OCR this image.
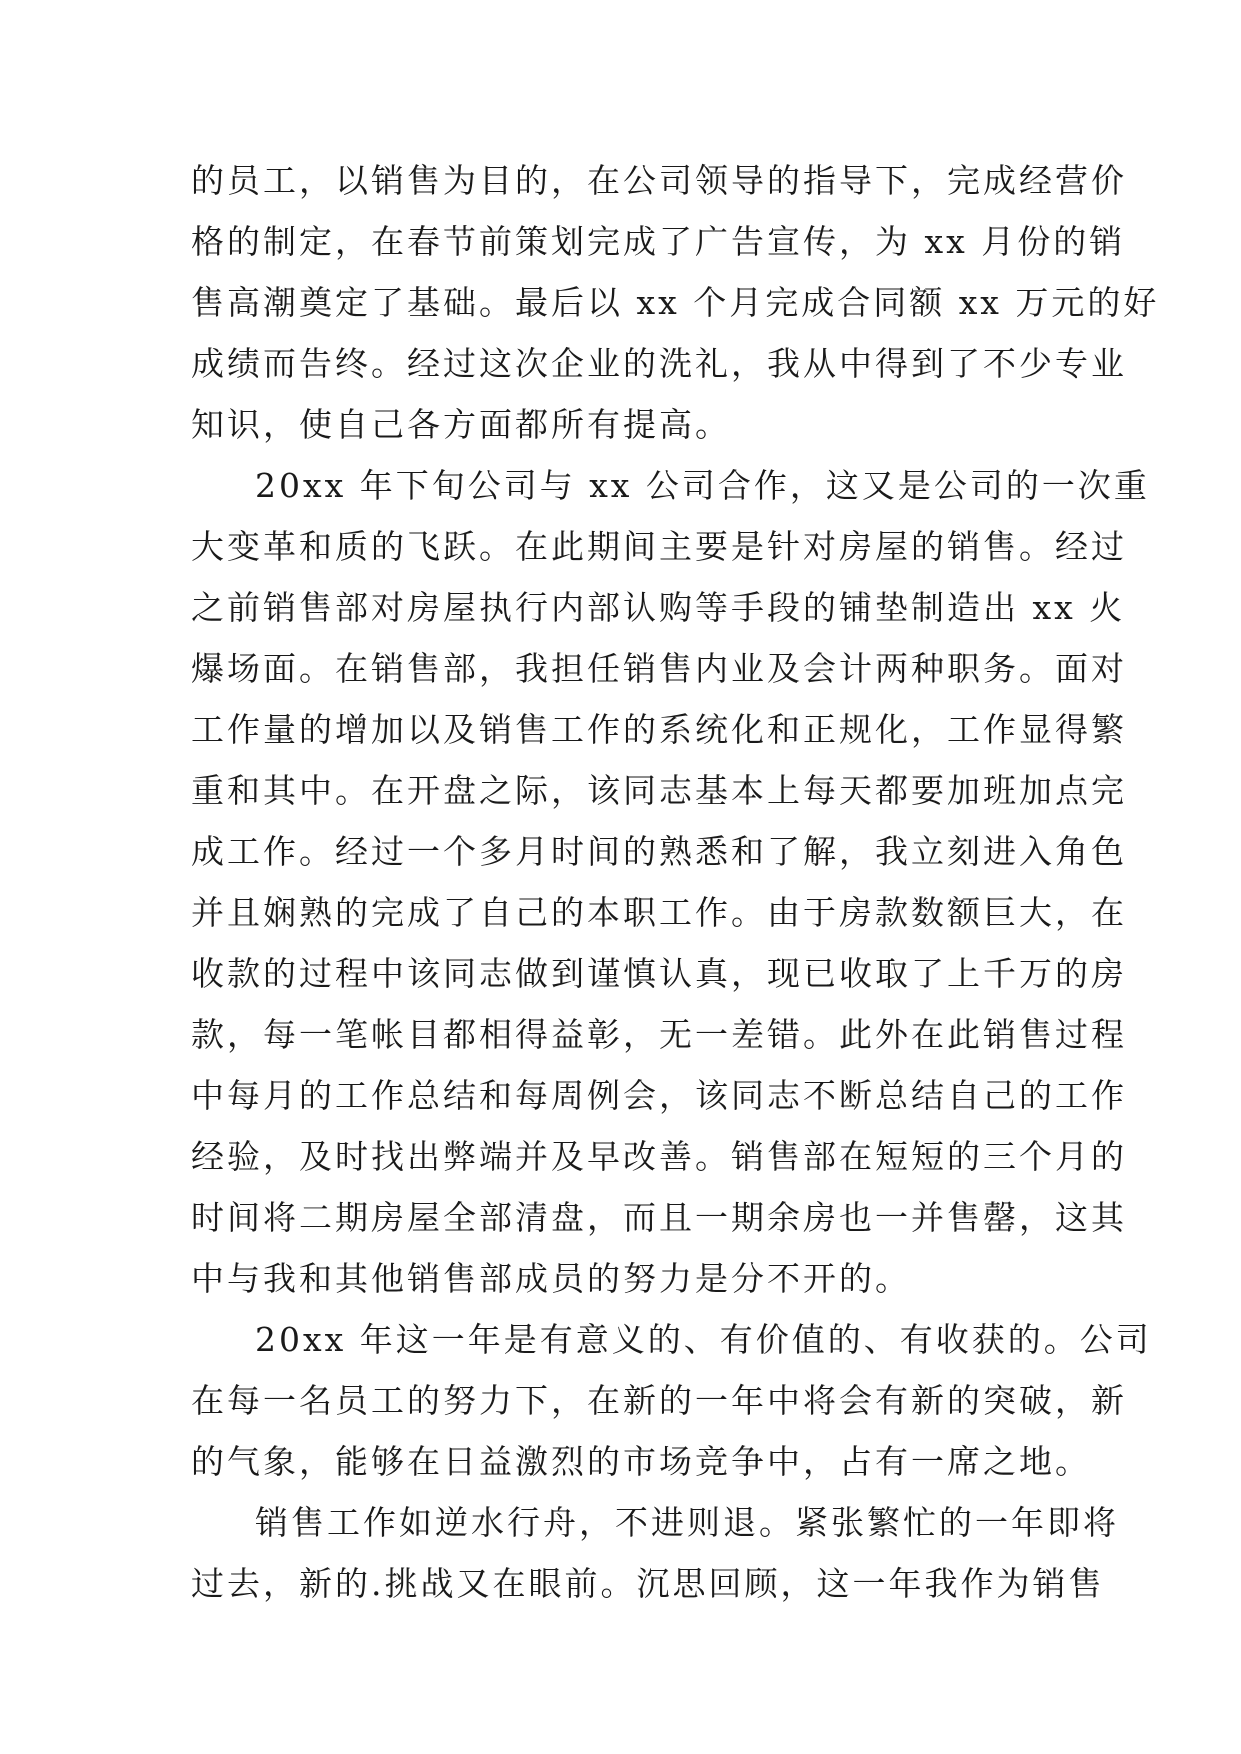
的员工，以销售为目的，在公司领导的指导下，完成经营价
格的制定，在春节前策划完成了广告宣传，为 xx 月份的销
售高潮奠定了基础。最后以 xx 个月完成合同额 xx 万元的好
成绩而告终。经过这次企业的洗礼，我从中得到了不少专业
知识，使自己各方面都所有提高。
20xx 年下旬公司与 xx 公司合作，这又是公司的一次重
大变革和质的飞跃。在此期间主要是针对房屋的销售。经过
之前销售部对房屋执行内部认购等手段的铺垫制造出 xx 火
爆场面。在销售部，我担任销售内业及会计两种职务。面对
工作量的增加以及销售工作的系统化和正规化，工作显得繁
重和其中。在开盘之际，该同志基本上每天都要加班加点完
成工作。经过一个多月时间的熟悉和了解，我立刻进入角色
并且娴熟的完成了自己的本职工作。由于房款数额巨大，在
收款的过程中该同志做到谨慎认真，现已收取了上千万的房
款，每一笔帐目都相得益彰，无一差错。此外在此销售过程
中每月的工作总结和每周例会，该同志不断总结自己的工作
经验，及时找出弊端并及早改善。销售部在短短的三个月的
时间将二期房屋全部清盘，而且一期余房也一并售罄，这其
中与我和其他销售部成员的努力是分不开的。
20xx 年这一年是有意义的、有价值的、有收获的。公司
在每一名员工的努力下，在新的一年中将会有新的突破，新
的气象，能够在日益激烈的市场竞争中，占有一席之地。
销售工作如逆水行舟，不进则退。紧张繁忙的一年即将
过去，新的.挑战又在眼前。沉思回顾，这一年我作为销售
